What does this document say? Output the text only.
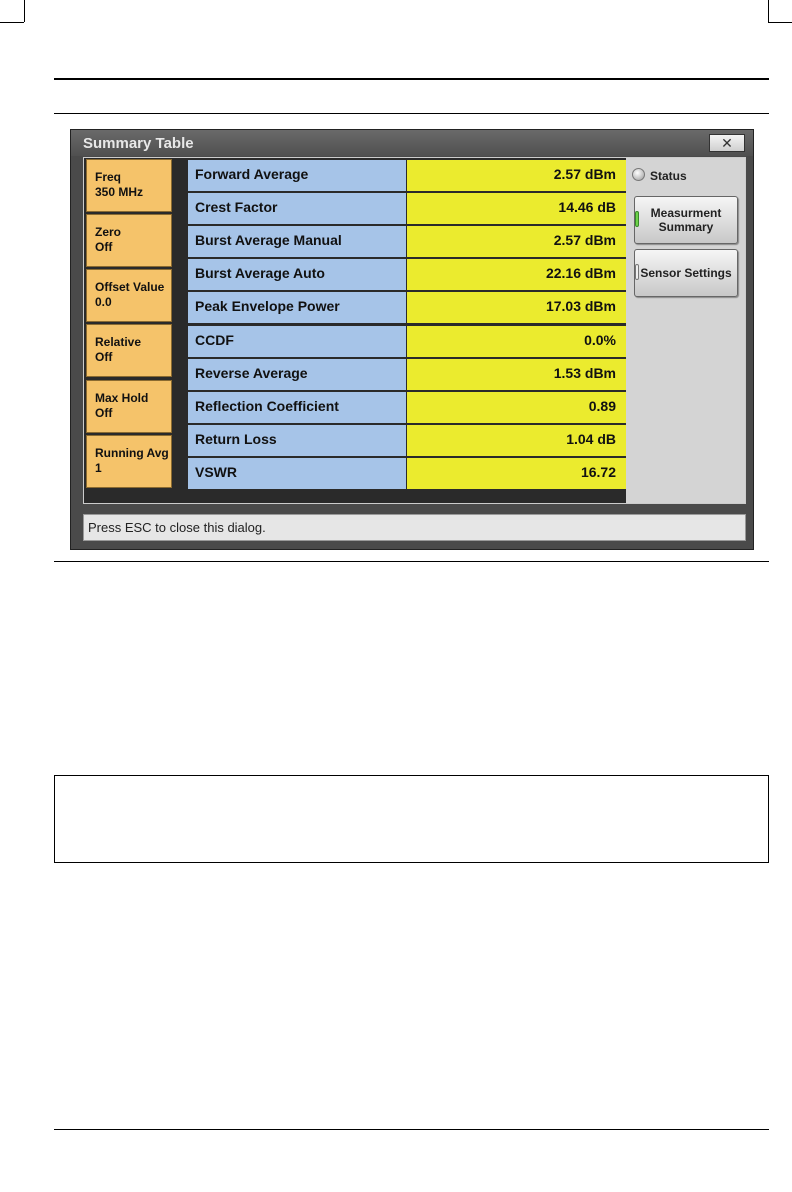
Summary Table	✕
Freq
350 MHz
Zero
Off
Offset Value
0.0
Relative
Off
Max Hold
Off
Running Avg
1
Forward Average	2.57 dBm
Crest Factor	14.46 dB
Burst Average Manual	2.57 dBm
Burst Average Auto	22.16 dBm
Peak Envelope Power	17.03 dBm
CCDF	0.0%
Reverse Average	1.53 dBm
Reflection Coefficient	0.89
Return Loss	1.04 dB
VSWR	16.72
Status
Measurment
Summary
Sensor Settings
Press ESC to close this dialog.
